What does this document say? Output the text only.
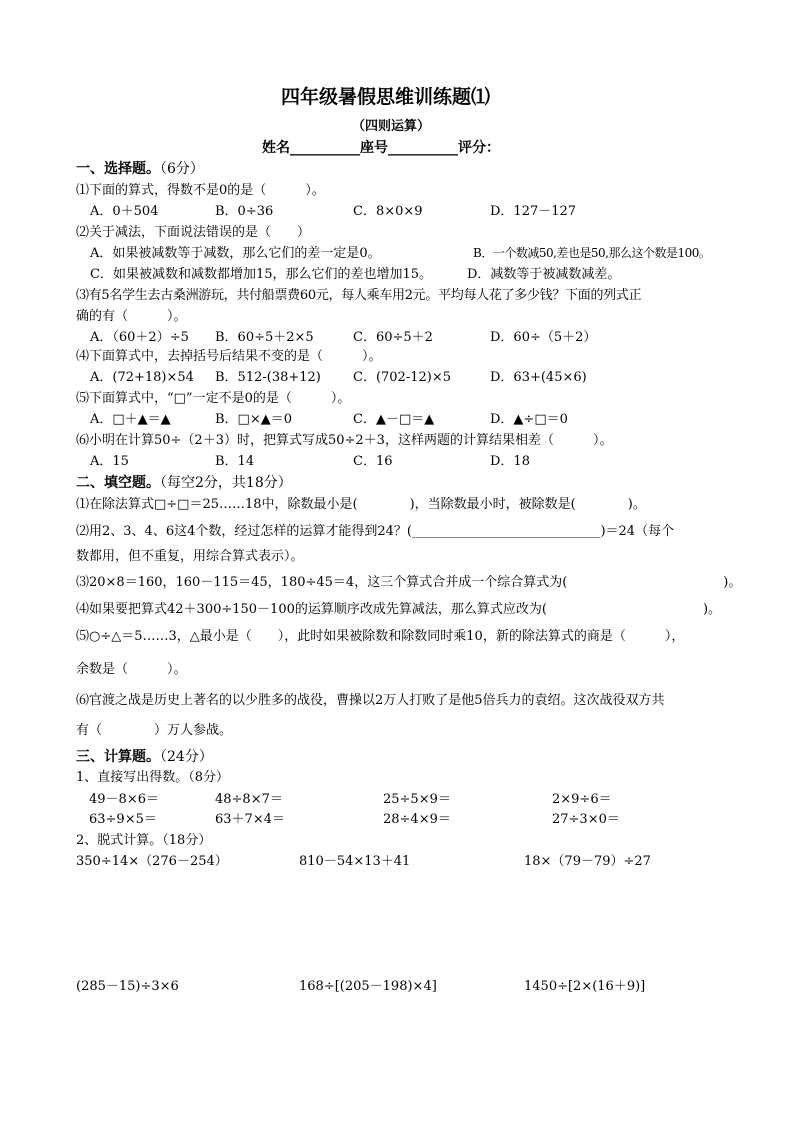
四年级暑假思维训练题⑴
（四则运算）
姓名__________座号__________评分：
一、选择题。（6分）
⑴下面的算式，得数不是0的是（　　　）。
A．0＋504	B．0÷36	C．8×0×9	D．127－127
⑵关于减法，下面说法错误的是（　　）
A．如果被减数等于减数，那么它们的差一定是0。	B．一个数减50,差也是50,那么这个数是100。
C．如果被减数和减数都增加15，那么它们的差也增加15。	D．减数等于被减数减差。
⑶有5名学生去古桑洲游玩，共付船票费60元，每人乘车用2元。平均每人花了多少钱？下面的列式正
确的有（　　　）。
A．（60＋2）÷5 B．60÷5＋2×5	C．60÷5＋2	D．60÷（5＋2）
⑷下面算式中，去掉括号后结果不变的是（　　　）。
A．(72+18)×54 B．512-(38+12) C．(702-12)×5	D．63+(45×6)
⑸下面算式中，“□”一定不是0的是（　　　）。
A．□＋▲＝▲	B．□×▲＝0	C．▲－□＝▲	D．▲÷□＝0
⑹小明在计算50÷（2＋3）时，把算式写成50÷2＋3，这样两题的计算结果相差（　　　）。
A．15	B．14	C．16	D．18
二、填空题。（每空2分，共18分）
⑴在除法算式□÷□＝25……18中，除数最小是(　　　　)，当除数最小时，被除数是(　　　　)。
⑵用2、3、4、6这4个数，经过怎样的运算才能得到24？(_____________________________)＝24（每个
数都用，但不重复，用综合算式表示）。
⑶20×8＝160，160－115＝45，180÷45＝4，这三个算式合并成一个综合算式为(　　　　　　　　　　　　)。
⑷如果要把算式42＋300÷150－100的运算顺序改成先算减法，那么算式应改为(　　　　　　　　　　　　)。
⑸○÷△＝5……3，△最小是（　　），此时如果被除数和除数同时乘10，新的除法算式的商是（　　　），
余数是（　　　）。
⑹官渡之战是历史上著名的以少胜多的战役，曹操以2万人打败了是他5倍兵力的袁绍。这次战役双方共
有（　　　　）万人参战。
三、计算题。（24分）
1、直接写出得数。（8分）
49－8×6＝	48÷8×7＝	25÷5×9＝	2×9÷6＝
63÷9×5＝	63＋7×4＝	28÷4×9＝	27÷3×0＝
2、脱式计算。（18分）
350÷14×（276－254）	810－54×13＋41	18×（79－79）÷27
(285－15)÷3×6	168÷[(205－198)×4]	1450÷[2×(16＋9)]
